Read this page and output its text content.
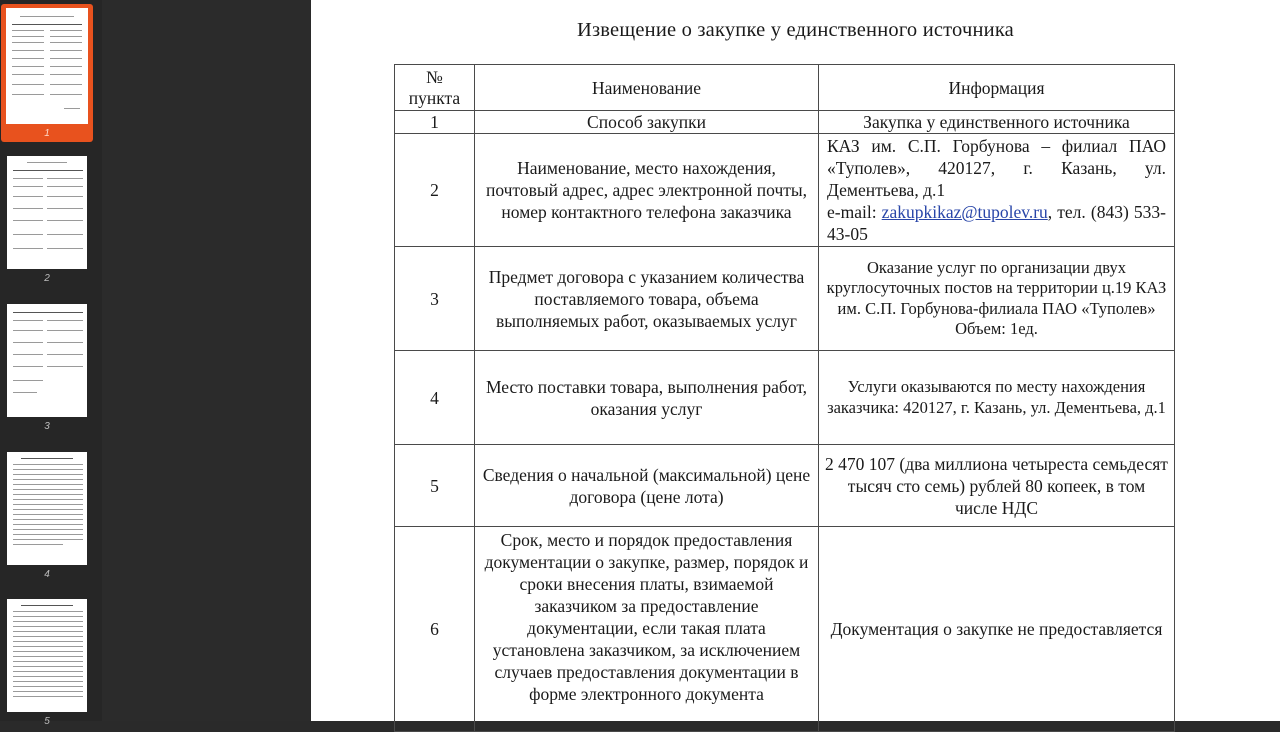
1
2
3
4
5
Извещение о закупке у единственного источника
№ пункта	Наименование	Информация
1	Способ закупки	Закупка у единственного источника
2	Наименование, место нахождения, почтовый адрес, адрес электронной почты, номер контактного телефона заказчика	КАЗ им. С.П. Горбунова – филиал ПАО «Туполев», 420127, г. Казань, ул. Дементьева, д.1
e-mail: zakupkikaz@tupolev.ru, тел. (843) 533-43-05
3	Предмет договора с указанием количества поставляемого товара, объема выполняемых работ, оказываемых услуг	Оказание услуг по организации двух круглосуточных постов на территории ц.19 КАЗ им. С.П. Горбунова-филиала ПАО «Туполев»
Объем: 1ед.
4	Место поставки товара, выполнения работ, оказания услуг	Услуги оказываются по месту нахождения заказчика: 420127, г. Казань, ул. Дементьева, д.1
5	Сведения о начальной (максимальной) цене договора (цене лота)	2 470 107 (два миллиона четыреста семьдесят тысяч сто семь) рублей 80 копеек, в том числе НДС
6	Срок, место и порядок предоставления документации о закупке, размер, порядок и сроки внесения платы, взимаемой заказчиком за предоставление документации, если такая плата установлена заказчиком, за исключением случаев предоставления документации в форме электронного документа	Документация о закупке не предоставляется
